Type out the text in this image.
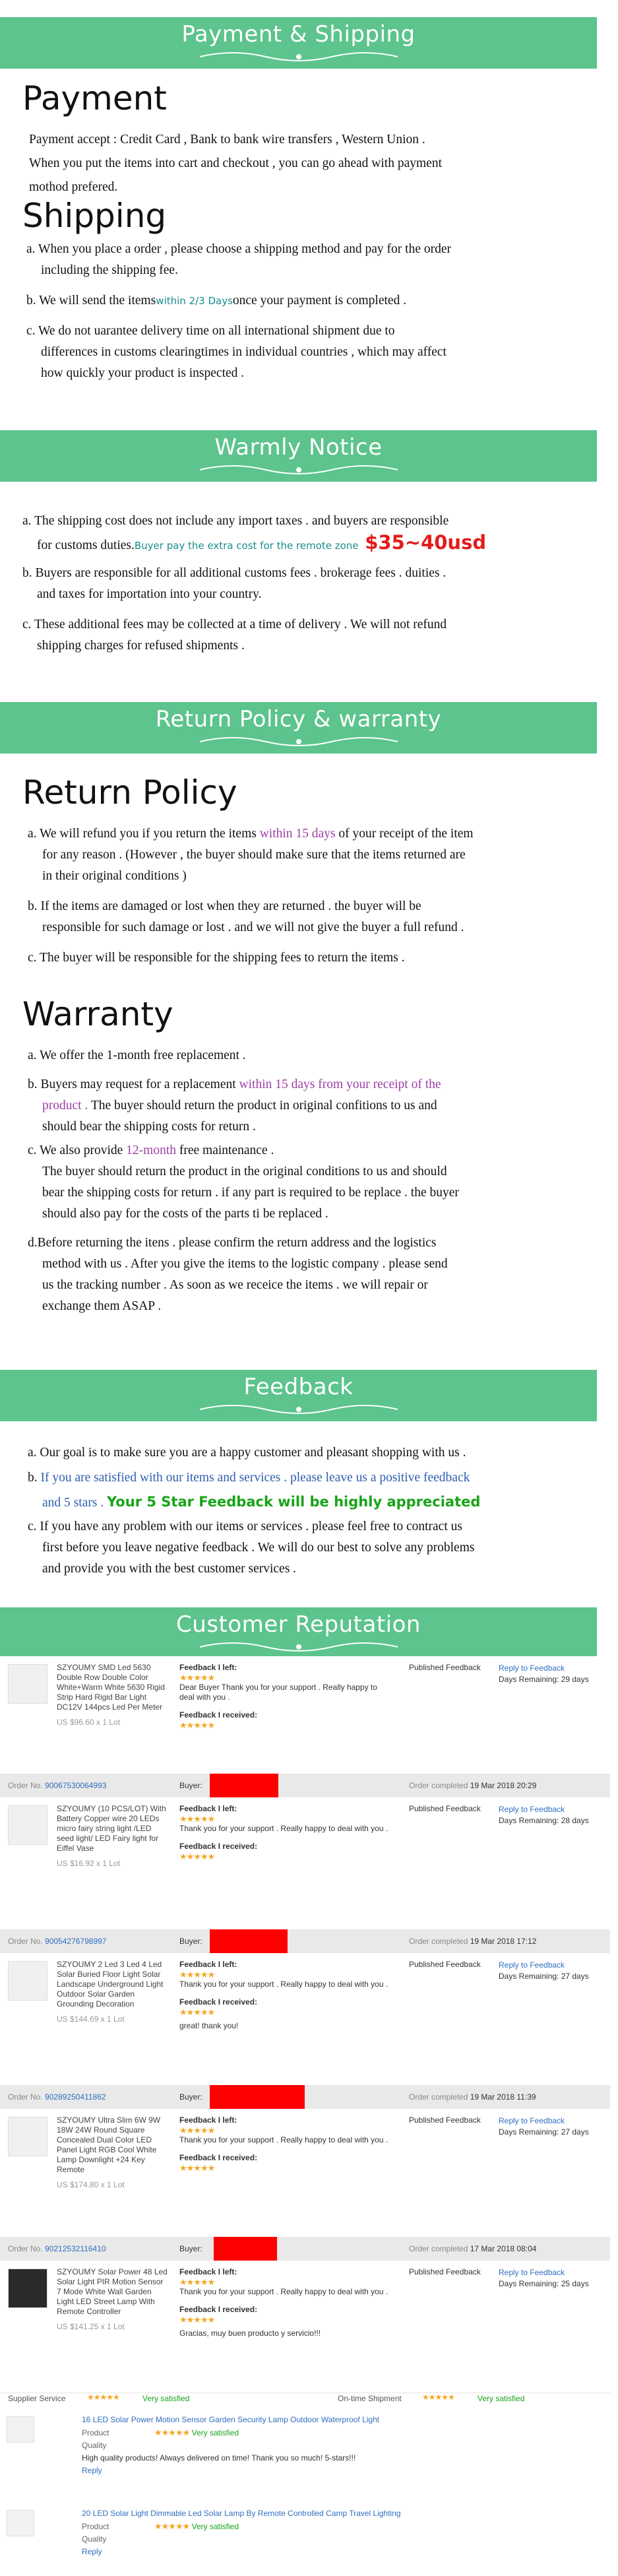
Payment & Shipping
Payment
Payment accept : Credit Card , Bank to bank wire transfers , Western Union .
When you put the items into cart and checkout , you can go ahead with payment
mothod prefered.
Shipping
a. When you place a order , please choose a shipping method and pay for the order
including the shipping fee.
b. We will send the itemswithin 2/3 Daysonce your payment is completed .
c. We do not uarantee delivery time on all international shipment due to
differences in customs clearingtimes in individual countries , which may affect
how quickly your product is inspected .
Warmly Notice
a. The shipping cost does not include any import taxes . and buyers are responsible
for customs duties.Buyer pay the extra cost for the remote zone $35~40usd
b. Buyers are responsible for all additional customs fees . brokerage fees . duities .
and taxes for importation into your country.
c. These additional fees may be collected at a time of delivery . We will not refund
shipping charges for refused shipments .
Return Policy & warranty
Return Policy
a. We will refund you if you return the items within 15 days of your receipt of the item
for any reason . (However , the buyer should make sure that the items returned are
in their original conditions )
b. If the items are damaged or lost when they are returned . the buyer will be
responsible for such damage or lost . and we will not give the buyer a full refund .
c. The buyer will be responsible for the shipping fees to return the items .
Warranty
a. We offer the 1-month free replacement .
b. Buyers may request for a replacement within 15 days from your receipt of the
product . The buyer should return the product in original confitions to us and
should bear the shipping costs for return .
c. We also provide 12-month free maintenance .
The buyer should return the product in the original conditions to us and should
bear the shipping costs for return . if any part is required to be replace . the buyer
should also pay for the costs of the parts ti be replaced .
d.Before returning the itens . please confirm the return address and the logistics
method with us . After you give the items to the logistic company . please send
us the tracking number . As soon as we receice the items . we will repair or
exchange them ASAP .
Feedback
a. Our goal is to make sure you are a happy customer and pleasant shopping with us .
b. If you are satisfied with our items and services . please leave us a positive feedback
and 5 stars . Your 5 Star Feedback will be highly appreciated
c. If you have any problem with our items or services . please feel free to contract us
first before you leave negative feedback . We will do our best to solve any problems
and provide you with the best customer services .
Customer Reputation
SZYOUMY SMD Led 5630 Double Row Double Color White+Warm White 5630 Rigid Strip Hard Rigid Bar Light DC12V 144pcs Led Per Meter
US $96.60 x 1 Lot
Feedback I left:
★★★★★
Dear Buyer Thank you for your support . Really happy to deal with you .
Feedback I received:
★★★★★
Published Feedback	Reply to Feedback
Days Remaining: 29 days
Order No. 90067530064993	Buyer:	Order completed 19 Mar 2018 20:29
SZYOUMY (10 PCS/LOT) With Battery Copper wire 20 LEDs micro fairy string light /LED seed light/ LED Fairy light for Eiffel Vase
US $16.92 x 1 Lot
Feedback I left:
★★★★★
Thank you for your support . Really happy to deal with you .
Feedback I received:
★★★★★
Published Feedback	Reply to Feedback
Days Remaining: 28 days
Order No. 90054276798997	Buyer:	Order completed 19 Mar 2018 17:12
SZYOUMY 2 Led 3 Led 4 Led Solar Buried Floor Light Solar Landscape Underground Light Outdoor Solar Garden Grounding Decoration
US $144.69 x 1 Lot
Feedback I left:
★★★★★
Thank you for your support . Really happy to deal with you .
Feedback I received:
★★★★★
great! thank you!
Published Feedback	Reply to Feedback
Days Remaining: 27 days
Order No. 90289250411862	Buyer:	Order completed 19 Mar 2018 11:39
SZYOUMY Ultra Slim 6W 9W 18W 24W Round Square Concealed Dual Color LED Panel Light RGB Cool White Lamp Downlight +24 Key Remote
US $174.80 x 1 Lot
Feedback I left:
★★★★★
Thank you for your support . Really happy to deal with you .
Feedback I received:
★★★★★
Published Feedback	Reply to Feedback
Days Remaining: 27 days
Order No. 90212532116410	Buyer:	Order completed 17 Mar 2018 08:04
SZYOUMY Solar Power 48 Led Solar Light PIR Motion Sensor 7 Mode White Wall Garden Light LED Street Lamp With Remote Controller
US $141.25 x 1 Lot
Feedback I left:
★★★★★
Thank you for your support . Really happy to deal with you .
Feedback I received:
★★★★★
Gracias, muy buen producto y servicio!!!
Published Feedback	Reply to Feedback
Days Remaining: 25 days
Supplier Service	★★★★★	Very satisfied	On-time Shipment	★★★★★	Very satisfied
16 LED Solar Power Motion Sensor Garden Security Lamp Outdoor Waterproof Light
Product	★★★★★ Very satisfied
Quality
High quality products! Always delivered on time! Thank you so much! 5-stars!!!
Reply
20 LED Solar Light Dimmable Led Solar Lamp By Remote Controlled Camp Travel Lighting
Product	★★★★★ Very satisfied
Quality
Reply
